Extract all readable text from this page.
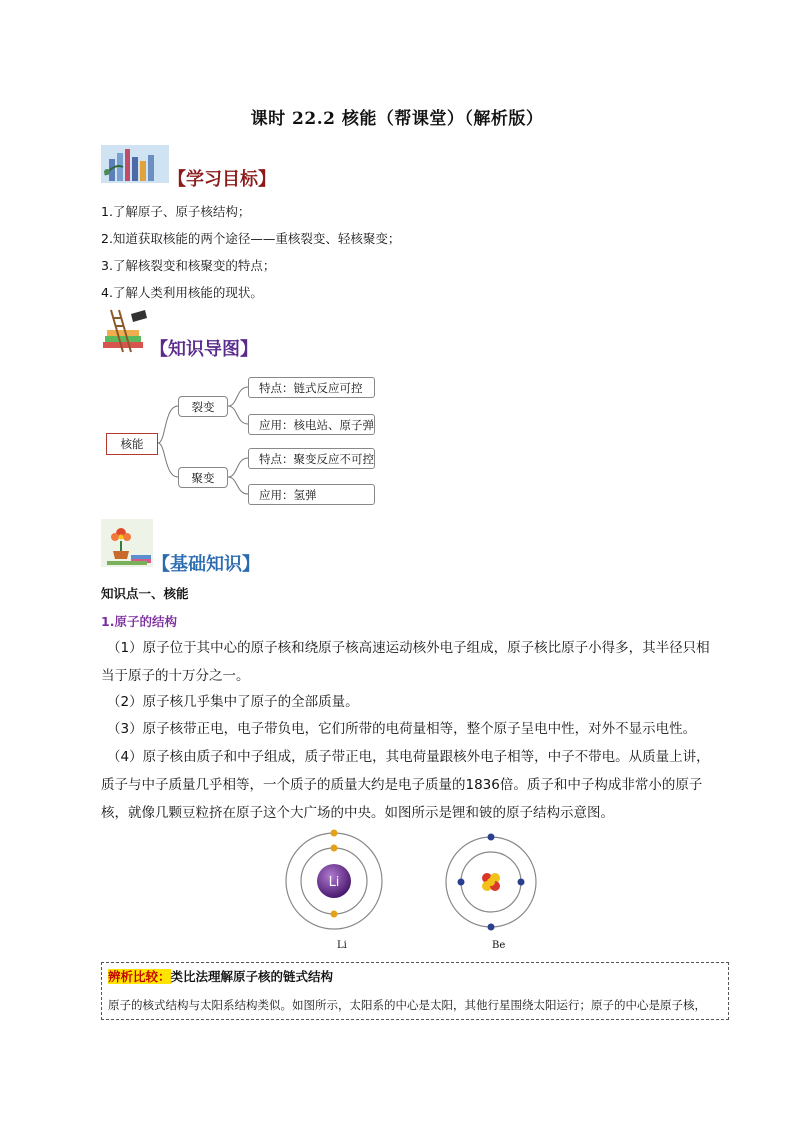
课时 22.2 核能（帮课堂）（解析版）
【学习目标】
1.了解原子、原子核结构；
2.知道获取核能的两个途径——重核裂变、轻核聚变；
3.了解核裂变和核聚变的特点；
4.了解人类利用核能的现状。
【知识导图】
核能
裂变
聚变
特点：链式反应可控
应用：核电站、原子弹
特点：聚变反应不可控
应用：氢弹
【基础知识】
知识点一、核能
1.原子的结构
（1）原子位于其中心的原子核和绕原子核高速运动核外电子组成，原子核比原子小得多，其半径只相当于原子的十万分之一。
（2）原子核几乎集中了原子的全部质量。
（3）原子核带正电，电子带负电，它们所带的电荷量相等，整个原子呈电中性，对外不显示电性。
（4）原子核由质子和中子组成，质子带正电，其电荷量跟核外电子相等，中子不带电。从质量上讲，质子与中子质量几乎相等，一个质子的质量大约是电子质量的1836倍。质子和中子构成非常小的原子核，就像几颗豆粒挤在原子这个大广场的中央。如图所示是锂和铍的原子结构示意图。
Li
Li	Be
辨析比较：类比法理解原子核的链式结构
原子的核式结构与太阳系结构类似。如图所示，太阳系的中心是太阳，其他行星围绕太阳运行；原子的中心是原子核，
